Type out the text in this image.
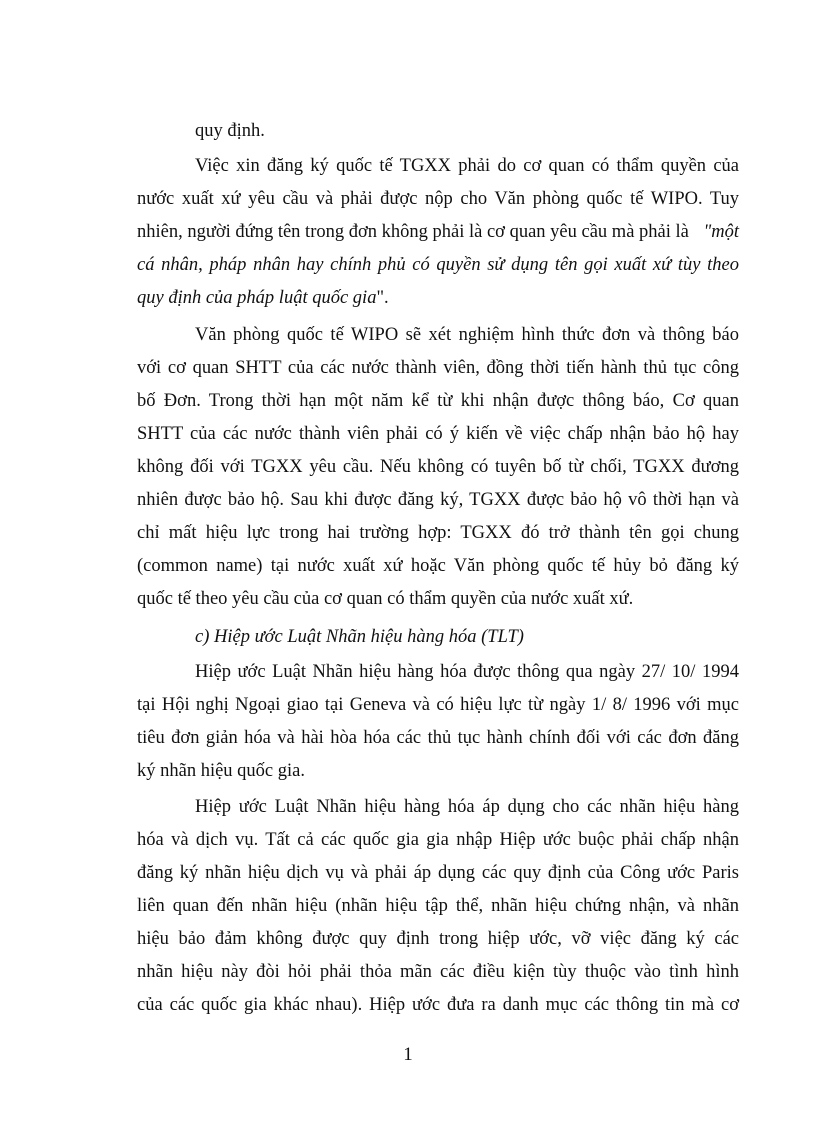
quy định.
Việc xin đăng ký quốc tế TGXX phải do cơ quan có thẩm quyền của
nước xuất xứ yêu cầu và phải được nộp cho Văn phòng quốc tế WIPO. Tuy
nhiên, người đứng tên trong đơn không phải là cơ quan yêu cầu mà phải là "một
cá nhân, pháp nhân hay chính phủ có quyền sử dụng tên gọi xuất xứ tùy theo
quy định của pháp luật quốc gia".
Văn phòng quốc tế WIPO sẽ xét nghiệm hình thức đơn và thông báo
với cơ quan SHTT của các nước thành viên, đồng thời tiến hành thủ tục công
bố Đơn. Trong thời hạn một năm kể từ khi nhận được thông báo, Cơ quan
SHTT của các nước thành viên phải có ý kiến về việc chấp nhận bảo hộ hay
không đối với TGXX yêu cầu. Nếu không có tuyên bố từ chối, TGXX đương
nhiên được bảo hộ. Sau khi được đăng ký, TGXX được bảo hộ vô thời hạn và
chỉ mất hiệu lực trong hai trường hợp: TGXX đó trở thành tên gọi chung
(common name) tại nước xuất xứ hoặc Văn phòng quốc tế hủy bỏ đăng ký
quốc tế theo yêu cầu của cơ quan có thẩm quyền của nước xuất xứ.
c) Hiệp ước Luật Nhãn hiệu hàng hóa (TLT)
Hiệp ước Luật Nhãn hiệu hàng hóa được thông qua ngày 27/ 10/ 1994
tại Hội nghị Ngoại giao tại Geneva và có hiệu lực từ ngày 1/ 8/ 1996 với mục
tiêu đơn giản hóa và hài hòa hóa các thủ tục hành chính đối với các đơn đăng
ký nhãn hiệu quốc gia.
Hiệp ước Luật Nhãn hiệu hàng hóa áp dụng cho các nhãn hiệu hàng
hóa và dịch vụ. Tất cả các quốc gia gia nhập Hiệp ước buộc phải chấp nhận
đăng ký nhãn hiệu dịch vụ và phải áp dụng các quy định của Công ước Paris
liên quan đến nhãn hiệu (nhãn hiệu tập thể, nhãn hiệu chứng nhận, và nhãn
hiệu bảo đảm không được quy định trong hiệp ước, vỡ việc đăng ký các
nhãn hiệu này đòi hỏi phải thỏa mãn các điều kiện tùy thuộc vào tình hình
của các quốc gia khác nhau). Hiệp ước đưa ra danh mục các thông tin mà cơ
1
